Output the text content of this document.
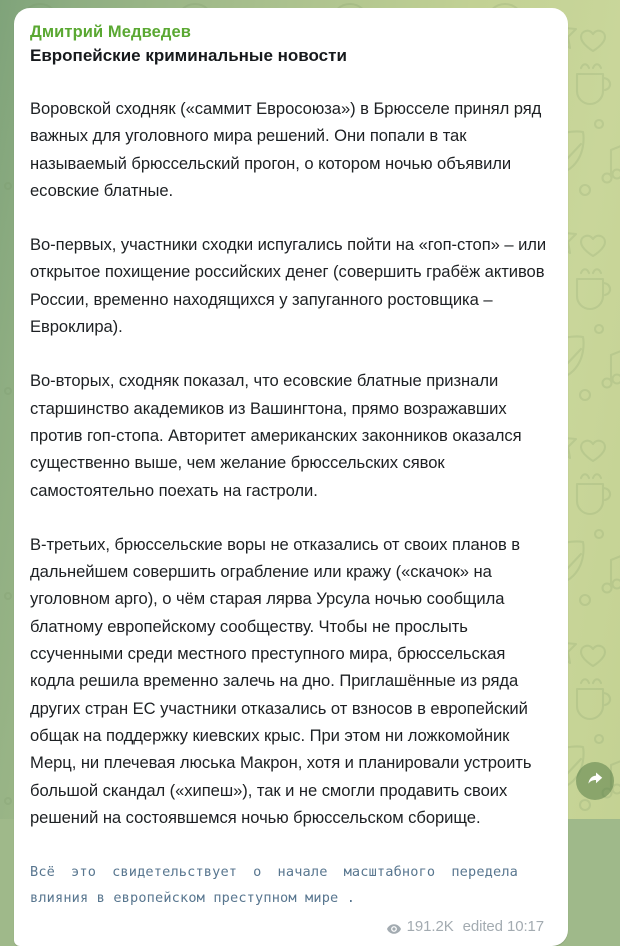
Дмитрий Медведев
Европейские криминальные новости

Воровской сходняк («саммит Евросоюза») в Брюсселе принял ряд важных для уголовного мира решений. Они попали в так называемый брюссельский прогон, о котором ночью объявили есовские блатные.

Во-первых, участники сходки испугались пойти на «гоп-стоп» – или открытое похищение российских денег (совершить грабёж активов России, временно находящихся у запуганного ростовщика – Евроклира).

Во-вторых, сходняк показал, что есовские блатные признали старшинство академиков из Вашингтона, прямо возражавших против гоп-стопа. Авторитет американских законников оказался существенно выше, чем желание брюссельских сявок самостоятельно поехать на гастроли.

В-третьих, брюссельские воры не отказались от своих планов в дальнейшем совершить ограбление или кражу («скачок» на уголовном арго), о чём старая лярва Урсула ночью сообщила блатному европейскому сообществу. Чтобы не прослыть ссученными среди местного преступного мира, брюссельская кодла решила временно залечь на дно. Приглашённые из ряда других стран ЕС участники отказались от взносов в европейский общак на поддержку киевских крыс. При этом ни ложкомойник Мерц, ни плечевая люська Макрон, хотя и планировали устроить большой скандал («хипеш»), так и не смогли продавить своих решений на состоявшемся ночью брюссельском сборище.

Всё это свидетельствует о начале масштабного передела влияния в европейском преступном мире .

191.2K edited 10:17
